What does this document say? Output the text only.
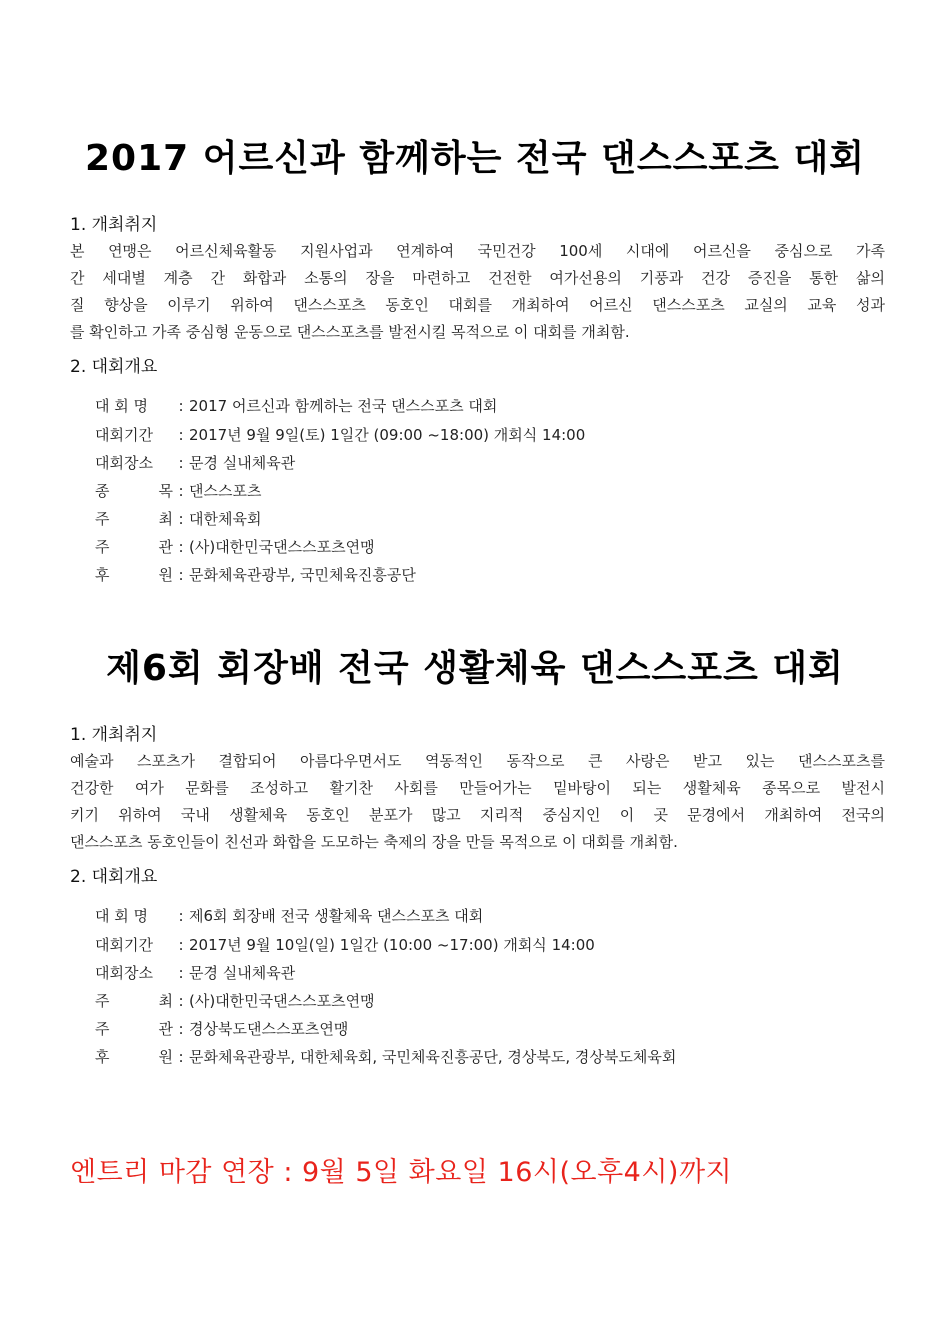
2017 어르신과 함께하는 전국 댄스스포츠 대회
1. 개최취지
본 연맹은 어르신체육활동 지원사업과 연계하여 국민건강 100세 시대에 어르신을 중심으로 가족
간 세대별 계층 간 화합과 소통의 장을 마련하고 건전한 여가선용의 기풍과 건강 증진을 통한 삶의
질 향상을 이루기 위하여 댄스스포츠 동호인 대회를 개최하여 어르신 댄스스포츠 교실의 교육 성과
를 확인하고 가족 중심형 운동으로 댄스스포츠를 발전시킬 목적으로 이 대회를 개최함.
2. 대회개요
대 회 명 : 2017 어르신과 함께하는 전국 댄스스포츠 대회
대회기간 : 2017년 9월 9일(토) 1일간 (09:00 ~18:00) 개회식 14:00
대회장소 : 문경 실내체육관
종 목 : 댄스스포츠
주 최 : 대한체육회
주 관 : (사)대한민국댄스스포츠연맹
후 원 : 문화체육관광부, 국민체육진흥공단
제6회 회장배 전국 생활체육 댄스스포츠 대회
1. 개최취지
예술과 스포츠가 결합되어 아름다우면서도 역동적인 동작으로 큰 사랑은 받고 있는 댄스스포츠를
건강한 여가 문화를 조성하고 활기찬 사회를 만들어가는 밑바탕이 되는 생활체육 종목으로 발전시
키기 위하여 국내 생활체육 동호인 분포가 많고 지리적 중심지인 이 곳 문경에서 개최하여 전국의
댄스스포츠 동호인들이 친선과 화합을 도모하는 축제의 장을 만들 목적으로 이 대회를 개최함.
2. 대회개요
대 회 명 : 제6회 회장배 전국 생활체육 댄스스포츠 대회
대회기간 : 2017년 9월 10일(일) 1일간 (10:00 ~17:00) 개회식 14:00
대회장소 : 문경 실내체육관
주 최 : (사)대한민국댄스스포츠연맹
주 관 : 경상북도댄스스포츠연맹
후 원 : 문화체육관광부, 대한체육회, 국민체육진흥공단, 경상북도, 경상북도체육회
엔트리 마감 연장 : 9월 5일 화요일 16시(오후4시)까지
